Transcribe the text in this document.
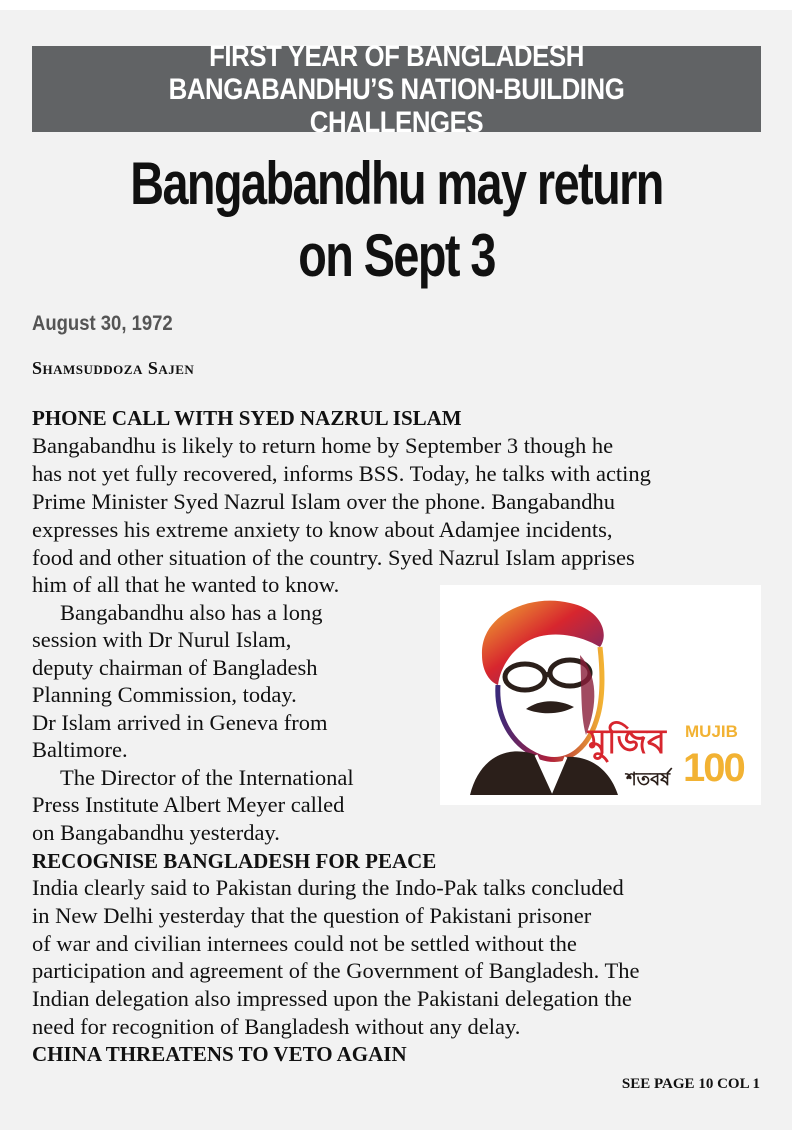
FIRST YEAR OF BANGLADESH
BANGABANDHU’S NATION-BUILDING CHALLENGES
Bangabandhu may return
on Sept 3
August 30, 1972
Shamsuddoza Sajen
PHONE CALL WITH SYED NAZRUL ISLAM
Bangabandhu is likely to return home by September 3 though he
has not yet fully recovered, informs BSS. Today, he talks with acting
Prime Minister Syed Nazrul Islam over the phone. Bangabandhu
expresses his extreme anxiety to know about Adamjee incidents,
food and other situation of the country. Syed Nazrul Islam apprises
him of all that he wanted to know.
Bangabandhu also has a long
session with Dr Nurul Islam,
deputy chairman of Bangladesh
Planning Commission, today.
Dr Islam arrived in Geneva from
Baltimore.
The Director of the International
Press Institute Albert Meyer called
on Bangabandhu yesterday.
RECOGNISE BANGLADESH FOR PEACE
India clearly said to Pakistan during the Indo-Pak talks concluded
in New Delhi yesterday that the question of Pakistani prisoner
of war and civilian internees could not be settled without the
participation and agreement of the Government of Bangladesh. The
Indian delegation also impressed upon the Pakistani delegation the
need for recognition of Bangladesh without any delay.
CHINA THREATENS TO VETO AGAIN
মুজিব
শতবর্ষ
MUJIB
100
SEE PAGE 10 COL 1
